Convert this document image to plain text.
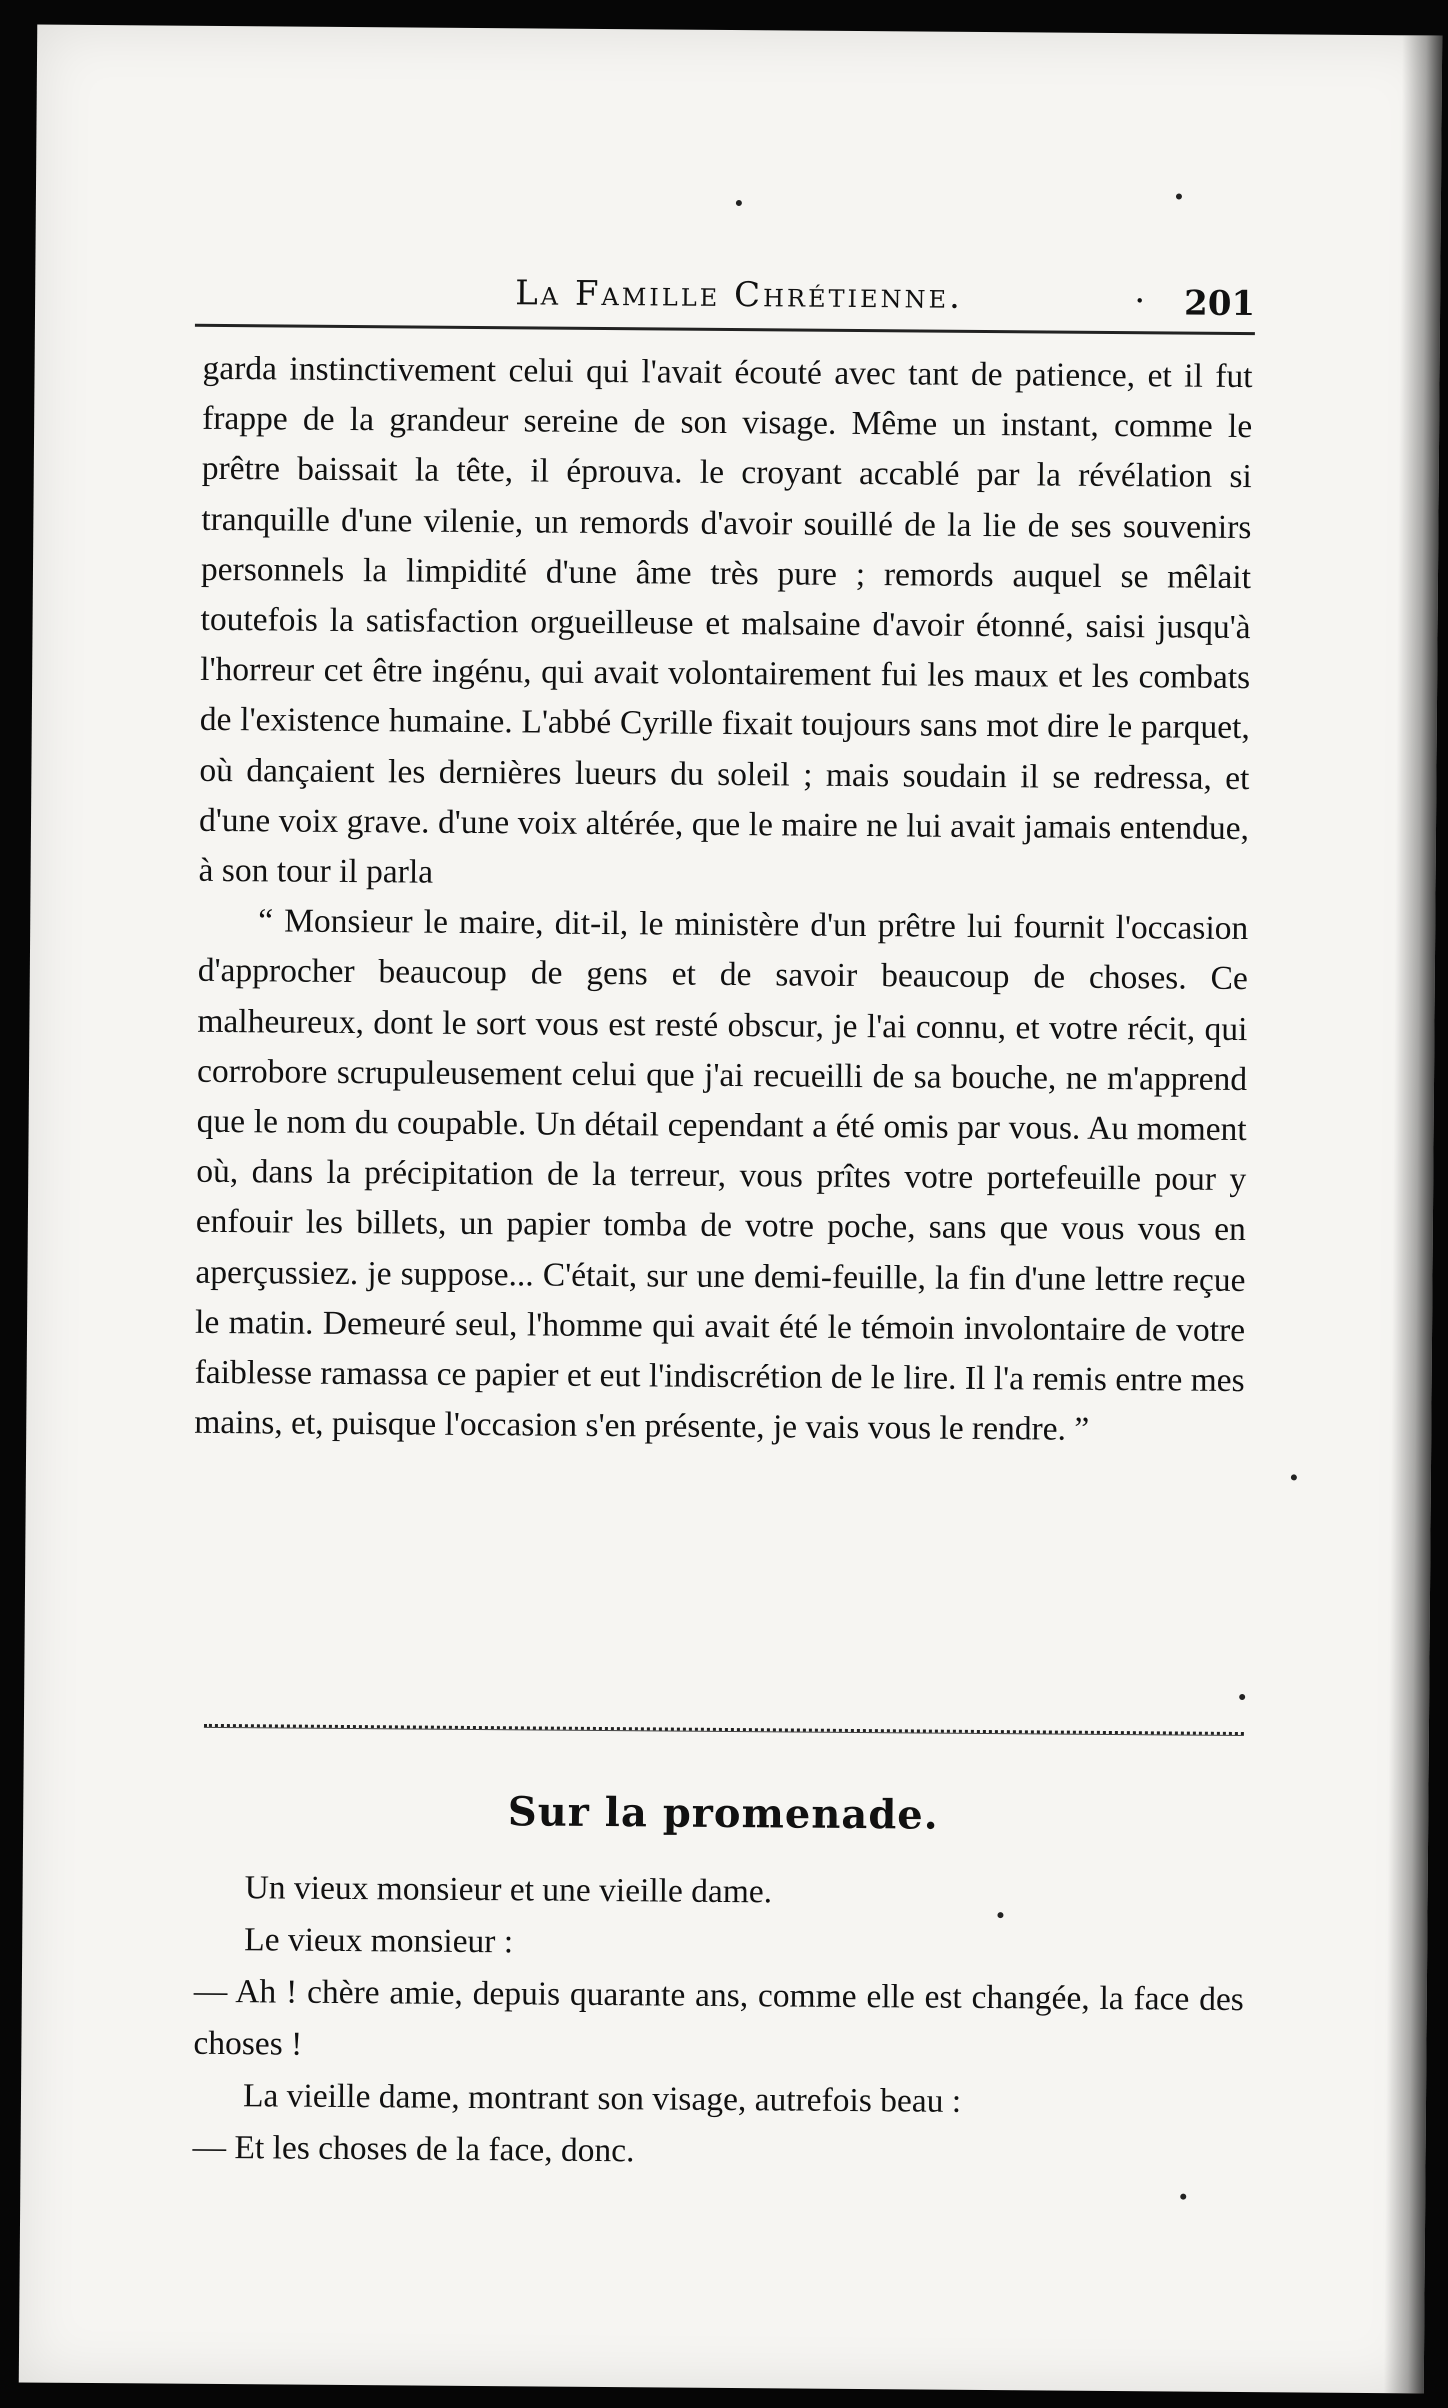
La Famille Chrétienne.	· 201

garda instinctivement celui qui l'avait écouté avec tant de patience, et il fut frappe de la grandeur sereine de son visage. Même un instant, comme le prêtre baissait la tête, il éprouva. le croyant accablé par la révélation si tranquille d'une vilenie, un remords d'avoir souillé de la lie de ses souvenirs personnels la limpidité d'une âme très pure ; remords auquel se mêlait toutefois la satisfaction orgueilleuse et malsaine d'avoir étonné, saisi jusqu'à l'horreur cet être ingénu, qui avait volontairement fui les maux et les combats de l'existence humaine. L'abbé Cyrille fixait toujours sans mot dire le parquet, où dançaient les dernières lueurs du soleil ; mais soudain il se redressa, et d'une voix grave. d'une voix altérée, que le maire ne lui avait jamais entendue, à son tour il parla

“ Monsieur le maire, dit-il, le ministère d'un prêtre lui fournit l'occasion d'approcher beaucoup de gens et de savoir beaucoup de choses. Ce malheureux, dont le sort vous est resté obscur, je l'ai connu, et votre récit, qui corrobore scrupuleusement celui que j'ai recueilli de sa bouche, ne m'apprend que le nom du coupable. Un détail cependant a été omis par vous. Au moment où, dans la précipitation de la terreur, vous prîtes votre portefeuille pour y enfouir les billets, un papier tomba de votre poche, sans que vous vous en aperçussiez. je suppose... C'était, sur une demi-feuille, la fin d'une lettre reçue le matin. Demeuré seul, l'homme qui avait été le témoin involontaire de votre faiblesse ramassa ce papier et eut l'indiscrétion de le lire. Il l'a remis entre mes mains, et, puisque l'occasion s'en présente, je vais vous le rendre. ”

Sur la promenade.

Un vieux monsieur et une vieille dame.

Le vieux monsieur :

— Ah ! chère amie, depuis quarante ans, comme elle est changée, la face des choses !

La vieille dame, montrant son visage, autrefois beau :

— Et les choses de la face, donc.
